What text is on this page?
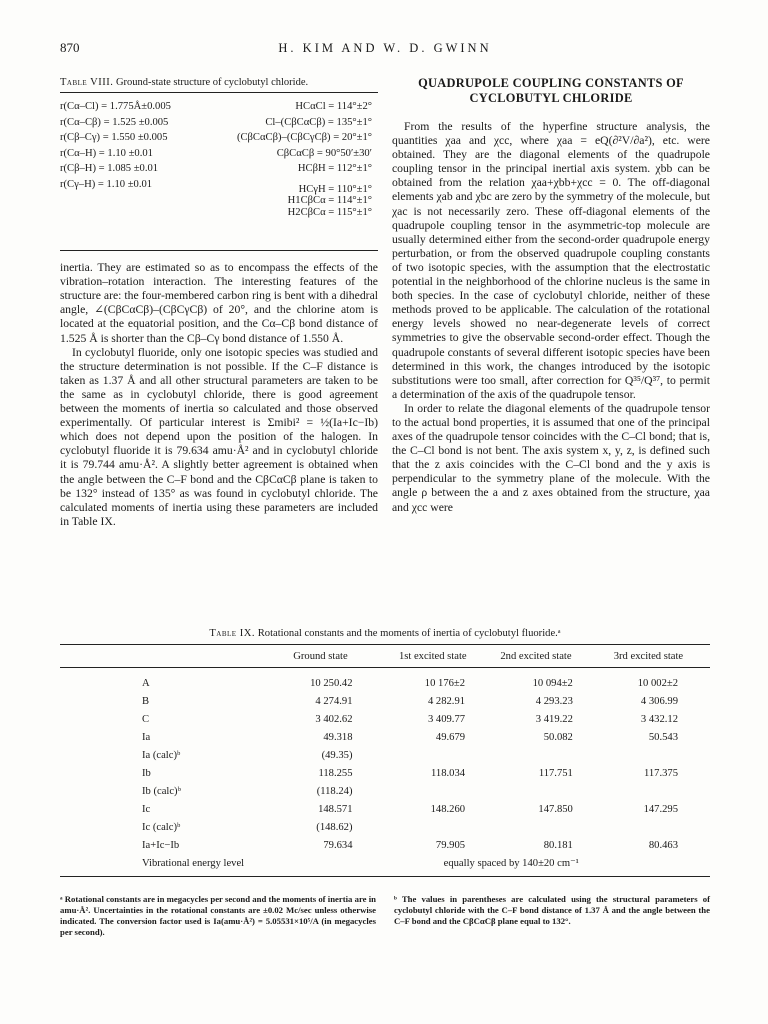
870	H. KIM AND W. D. GWINN
Table VIII. Ground-state structure of cyclobutyl chloride.
r(Cα–Cl) = 1.775Å±0.005
r(Cα–Cβ) = 1.525 ±0.005
r(Cβ–Cγ) = 1.550 ±0.005
r(Cα–H) = 1.10 ±0.01
r(Cβ–H) = 1.085 ±0.01
r(Cγ–H) = 1.10 ±0.01
HCαCl = 114°±2°
Cl–(CβCαCβ) = 135°±1°
(CβCαCβ)–(CβCγCβ) = 20°±1°
CβCαCβ = 90°50′±30′
HCβH = 112°±1°
HCγH = 110°±1°
H1CβCα = 114°±1°
H2CβCα = 115°±1°

inertia. They are estimated so as to encompass the effects of the vibration–rotation interaction. The interesting features of the structure are: the four-membered carbon ring is bent with a dihedral angle, ∠(CβCαCβ)–(CβCγCβ) of 20°, and the chlorine atom is located at the equatorial position, and the Cα–Cβ bond distance of 1.525 Å is shorter than the Cβ–Cγ bond distance of 1.550 Å.

In cyclobutyl fluoride, only one isotopic species was studied and the structure determination is not possible. If the C–F distance is taken as 1.37 Å and all other structural parameters are taken to be the same as in cyclobutyl chloride, there is good agreement between the moments of inertia so calculated and those observed experimentally. Of particular interest is Σmibi² = ½(Ia+Ic−Ib) which does not depend upon the position of the halogen. In cyclobutyl fluoride it is 79.634 amu·Å² and in cyclobutyl chloride it is 79.744 amu·Å². A slightly better agreement is obtained when the angle between the C–F bond and the CβCαCβ plane is taken to be 132° instead of 135° as was found in cyclobutyl chloride. The calculated moments of inertia using these parameters are included in Table IX.

QUADRUPOLE COUPLING CONSTANTS OF
CYCLOBUTYL CHLORIDE

From the results of the hyperfine structure analysis, the quantities χaa and χcc, where χaa = eQ(∂²V/∂a²), etc. were obtained. They are the diagonal elements of the quadrupole coupling tensor in the principal inertial axis system. χbb can be obtained from the relation χaa+χbb+χcc = 0. The off-diagonal elements χab and χbc are zero by the symmetry of the molecule, but χac is not necessarily zero. These off-diagonal elements of the quadrupole coupling tensor in the asymmetric-top molecule are usually determined either from the second-order quadrupole energy perturbation, or from the observed quadrupole coupling constants of two isotopic species, with the assumption that the electrostatic potential in the neighborhood of the chlorine nucleus is the same in both species. In the case of cyclobutyl chloride, neither of these methods proved to be applicable. The calculation of the rotational energy levels showed no near-degenerate levels of correct symmetries to give the observable second-order effect. Though the quadrupole constants of several different isotopic species have been determined in this work, the changes introduced by the isotopic substitutions were too small, after correction for Q³⁵/Q³⁷, to permit a determination of the axis of the quadrupole tensor.

In order to relate the diagonal elements of the quadrupole tensor to the actual bond properties, it is assumed that one of the principal axes of the quadrupole tensor coincides with the C–Cl bond; that is, the C–Cl bond is not bent. The axis system x, y, z, is defined such that the z axis coincides with the C–Cl bond and the y axis is perpendicular to the symmetry plane of the molecule. With the angle ρ between the a and z axes obtained from the structure, χaa and χcc were

Table IX. Rotational constants and the moments of inertia of cyclobutyl fluoride.ᵃ
	Ground state	1st excited state	2nd excited state	3rd excited state
A	10 250.42	10 176±2	10 094±2	10 002±2
B	4 274.91	4 282.91	4 293.23	4 306.99
C	3 402.62	3 409.77	3 419.22	3 432.12
Ia	49.318	49.679	50.082	50.543
Ia (calc)ᵇ	(49.35)			
Ib	118.255	118.034	117.751	117.375
Ib (calc)ᵇ	(118.24)			
Ic	148.571	148.260	147.850	147.295
Ic (calc)ᵇ	(148.62)			
Ia+Ic−Ib	79.634	79.905	80.181	80.463
Vibrational energy level		equally spaced by 140±20 cm⁻¹		
ᵃ Rotational constants are in megacycles per second and the moments of inertia are in amu·Å². Uncertainties in the rotational constants are ±0.02 Mc/sec unless otherwise indicated. The conversion factor used is Ia(amu·Å²) = 5.05531×10⁵/A (in megacycles per second).
ᵇ The values in parentheses are calculated using the structural parameters of cyclobutyl chloride with the C–F bond distance of 1.37 Å and the angle between the C–F bond and the CβCαCβ plane equal to 132°.
